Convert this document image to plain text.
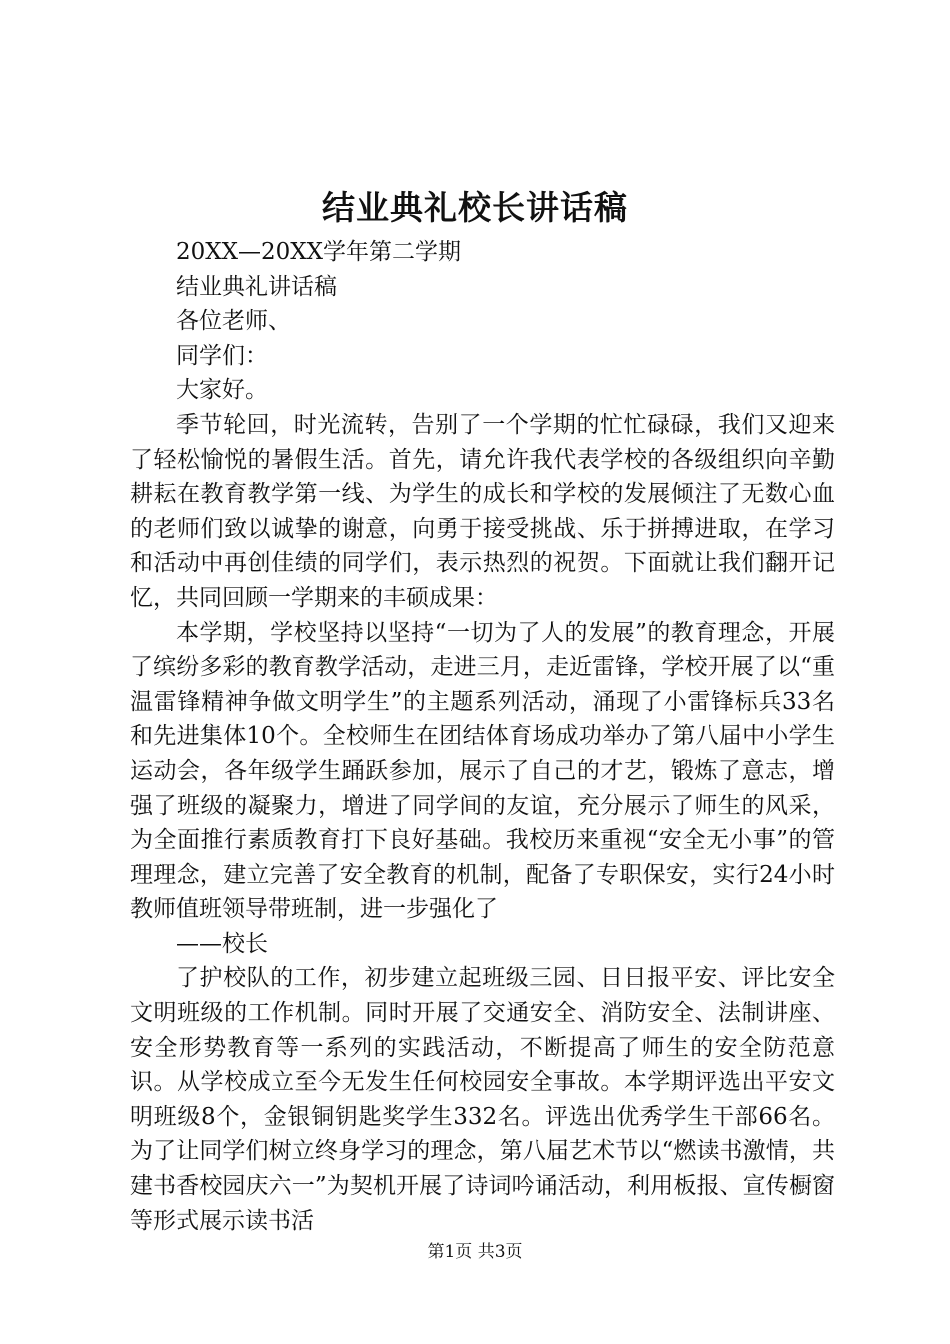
结业典礼校长讲话稿

20XX—20XX学年第二学期

结业典礼讲话稿

各位老师、

同学们：

大家好。

季节轮回，时光流转，告别了一个学期的忙忙碌碌，我们又迎来了轻松愉悦的暑假生活。首先，请允许我代表学校的各级组织向辛勤耕耘在教育教学第一线、为学生的成长和学校的发展倾注了无数心血的老师们致以诚挚的谢意，向勇于接受挑战、乐于拼搏进取，在学习和活动中再创佳绩的同学们，表示热烈的祝贺。下面就让我们翻开记忆，共同回顾一学期来的丰硕成果：

本学期，学校坚持以坚持“一切为了人的发展”的教育理念，开展了缤纷多彩的教育教学活动，走进三月，走近雷锋，学校开展了以“重温雷锋精神争做文明学生”的主题系列活动，涌现了小雷锋标兵33名和先进集体10个。全校师生在团结体育场成功举办了第八届中小学生运动会，各年级学生踊跃参加，展示了自己的才艺，锻炼了意志，增强了班级的凝聚力，增进了同学间的友谊，充分展示了师生的风采，为全面推行素质教育打下良好基础。我校历来重视“安全无小事”的管理理念，建立完善了安全教育的机制，配备了专职保安，实行24小时教师值班领导带班制，进一步强化了

——校长

了护校队的工作，初步建立起班级三园、日日报平安、评比安全文明班级的工作机制。同时开展了交通安全、消防安全、法制讲座、安全形势教育等一系列的实践活动，不断提高了师生的安全防范意识。从学校成立至今无发生任何校园安全事故。本学期评选出平安文明班级8个，金银铜钥匙奖学生332名。评选出优秀学生干部66名。为了让同学们树立终身学习的理念，第八届艺术节以“燃读书激情，共建书香校园庆六一”为契机开展了诗词吟诵活动，利用板报、宣传橱窗等形式展示读书活

第1页 共3页
